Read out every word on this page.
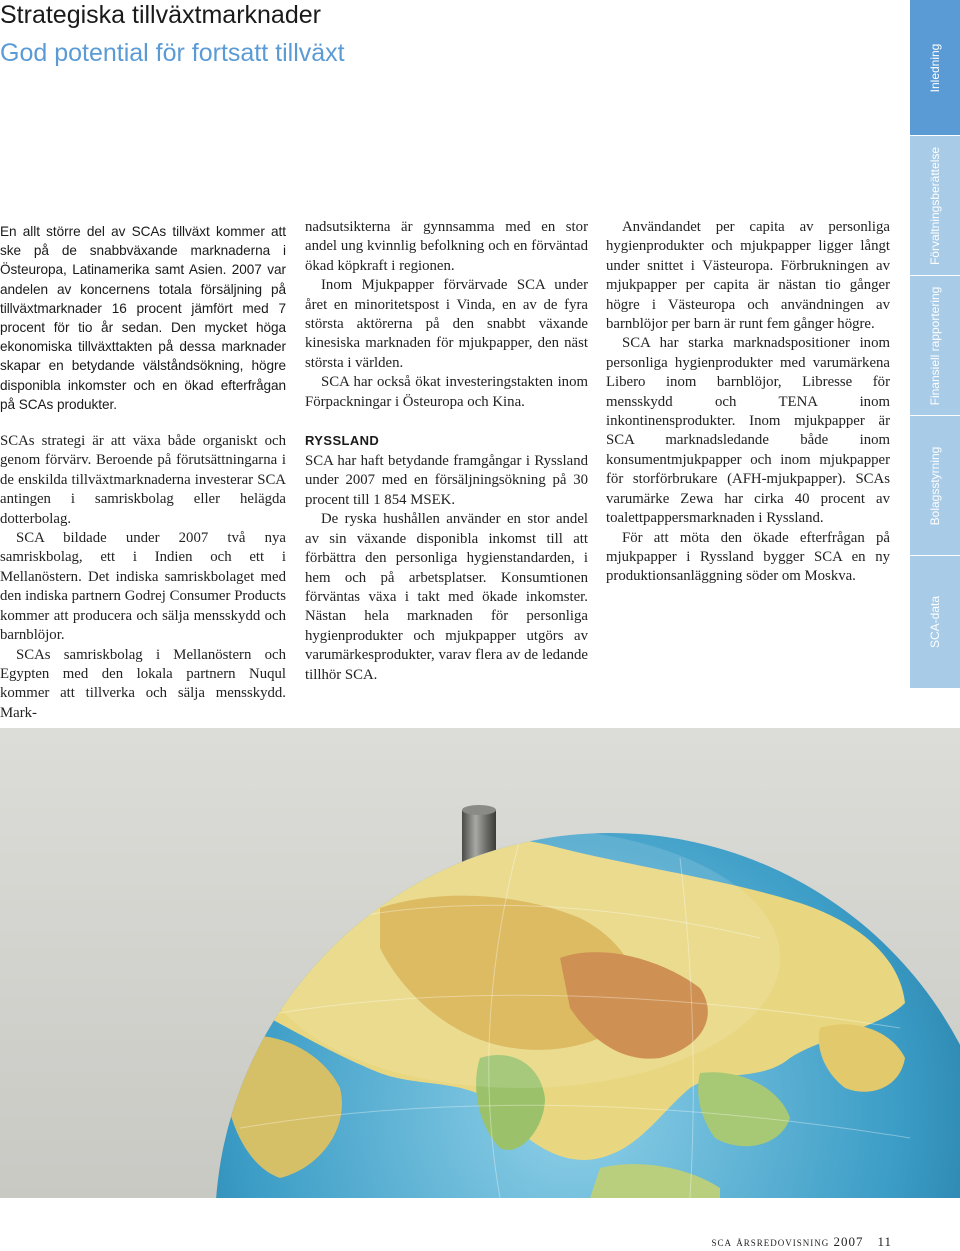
Strategiska tillväxtmarknader
God potential för fortsatt tillväxt

En allt större del av SCAs tillväxt kommer att ske på de snabbväxande marknaderna i Östeuropa, Latinamerika samt Asien. 2007 var andelen av koncernens totala försäljning på tillväxtmarknader 16 procent jämfört med 7 procent för tio år sedan. Den mycket höga ekonomiska tillväxttakten på dessa marknader skapar en betydande välståndsökning, högre disponibla inkomster och en ökad efterfrågan på SCAs produkter.

SCAs strategi är att växa både organiskt och genom förvärv. Beroende på förutsättningarna i de enskilda tillväxtmarknaderna investerar SCA antingen i samriskbolag eller helägda dotterbolag.

SCA bildade under 2007 två nya samriskbolag, ett i Indien och ett i Mellanöstern. Det indiska samriskbolaget med den indiska partnern Godrej Consumer Products kommer att producera och sälja mensskydd och barnblöjor.

SCAs samriskbolag i Mellanöstern och Egypten med den lokala partnern Nuqul kommer att tillverka och sälja mensskydd. Mark-

nadsutsikterna är gynnsamma med en stor andel ung kvinnlig befolkning och en förväntad ökad köpkraft i regionen.

Inom Mjukpapper förvärvade SCA under året en minoritetspost i Vinda, en av de fyra största aktörerna på den snabbt växande kinesiska marknaden för mjukpapper, den näst största i världen.

SCA har också ökat investeringstakten inom Förpackningar i Östeuropa och Kina.

RYSSLAND

SCA har haft betydande framgångar i Ryssland under 2007 med en försäljningsökning på 30 procent till 1 854 MSEK.

De ryska hushållen använder en stor andel av sin växande disponibla inkomst till att förbättra den personliga hygienstandarden, i hem och på arbetsplatser. Konsumtionen förväntas växa i takt med ökade inkomster. Nästan hela marknaden för personliga hygienprodukter och mjukpapper utgörs av varumärkesprodukter, varav flera av de ledande tillhör SCA.

Användandet per capita av personliga hygienprodukter och mjukpapper ligger långt under snittet i Västeuropa. Förbrukningen av mjukpapper per capita är nästan tio gånger högre i Västeuropa och användningen av barnblöjor per barn är runt fem gånger högre.

SCA har starka marknadspositioner inom personliga hygienprodukter med varumärkena Libero inom barnblöjor, Libresse för mensskydd och TENA inom inkontinensprodukter. Inom mjukpapper är SCA marknadsledande både inom konsumentmjukpapper och inom mjukpapper för storförbrukare (AFH-mjukpapper). SCAs varumärke Zewa har cirka 40 procent av toalettpappersmarknaden i Ryssland.

För att möta den ökade efterfrågan på mjukpapper i Ryssland bygger SCA en ny produktionsanläggning söder om Moskva.

Inledning
Förvaltningsberättelse
Finansiell rapportering
Bolagsstyrning
SCA-data
sca årsredovisning 2007 11
